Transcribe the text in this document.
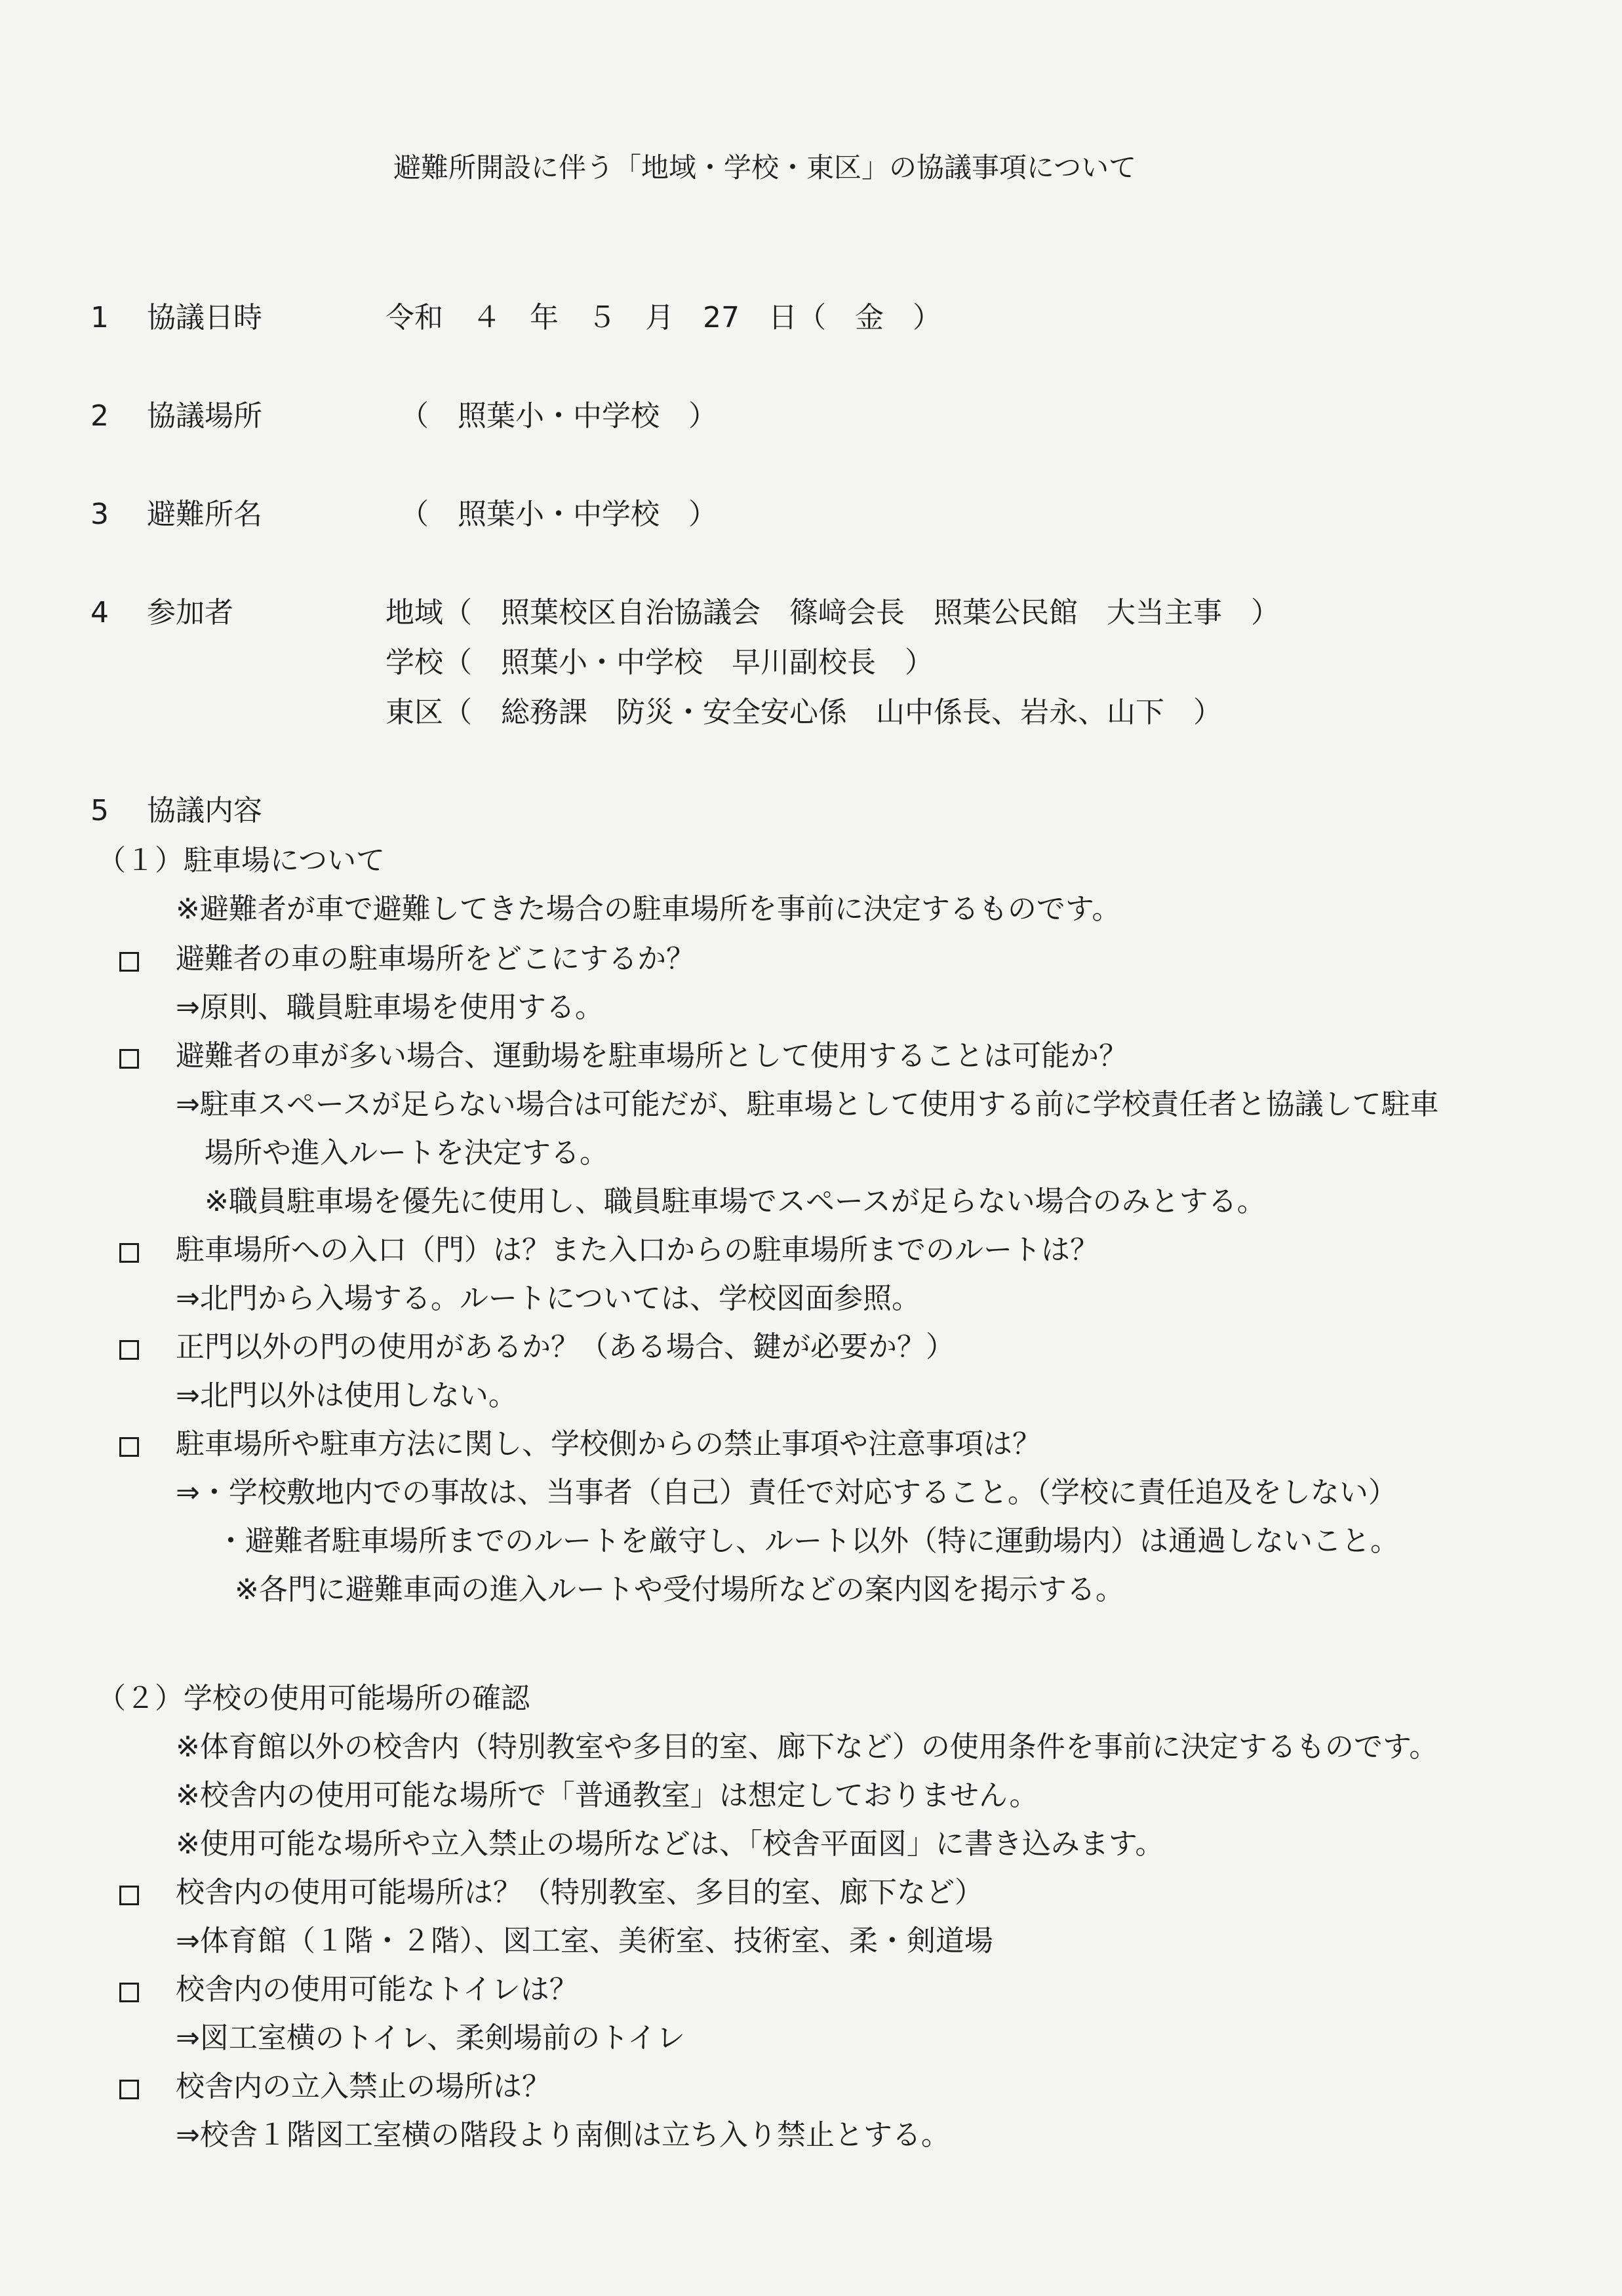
避難所開設に伴う「地域・学校・東区」の協議事項について
1 協議日時	令和　４　年　５　月　27　日（　金　）
2 協議場所	（　照葉小・中学校　）
3 避難所名	（　照葉小・中学校　）
4 参加者	地域（　照葉校区自治協議会　篠﨑会長　照葉公民館　大当主事　）
学校（　照葉小・中学校　早川副校長　）
東区（　総務課　防災・安全安心係　山中係長、岩永、山下　）
5 協議内容
（１）駐車場について
※避難者が車で避難してきた場合の駐車場所を事前に決定するものです。
避難者の車の駐車場所をどこにするか？
⇒原則、職員駐車場を使用する。
避難者の車が多い場合、運動場を駐車場所として使用することは可能か？
⇒駐車スペースが足らない場合は可能だが、駐車場として使用する前に学校責任者と協議して駐車
場所や進入ルートを決定する。
※職員駐車場を優先に使用し、職員駐車場でスペースが足らない場合のみとする。
駐車場所への入口（門）は？また入口からの駐車場所までのルートは？
⇒北門から入場する。ルートについては、学校図面参照。
正門以外の門の使用があるか？（ある場合、鍵が必要か？）
⇒北門以外は使用しない。
駐車場所や駐車方法に関し、学校側からの禁止事項や注意事項は？
⇒・学校敷地内での事故は、当事者（自己）責任で対応すること。（学校に責任追及をしない）
・避難者駐車場所までのルートを厳守し、ルート以外（特に運動場内）は通過しないこと。
※各門に避難車両の進入ルートや受付場所などの案内図を掲示する。
（２）学校の使用可能場所の確認
※体育館以外の校舎内（特別教室や多目的室、廊下など）の使用条件を事前に決定するものです。
※校舎内の使用可能な場所で「普通教室」は想定しておりません。
※使用可能な場所や立入禁止の場所などは、「校舎平面図」に書き込みます。
校舎内の使用可能場所は？（特別教室、多目的室、廊下など）
⇒体育館（１階・２階）、図工室、美術室、技術室、柔・剣道場
校舎内の使用可能なトイレは？
⇒図工室横のトイレ、柔剣場前のトイレ
校舎内の立入禁止の場所は？
⇒校舎１階図工室横の階段より南側は立ち入り禁止とする。
